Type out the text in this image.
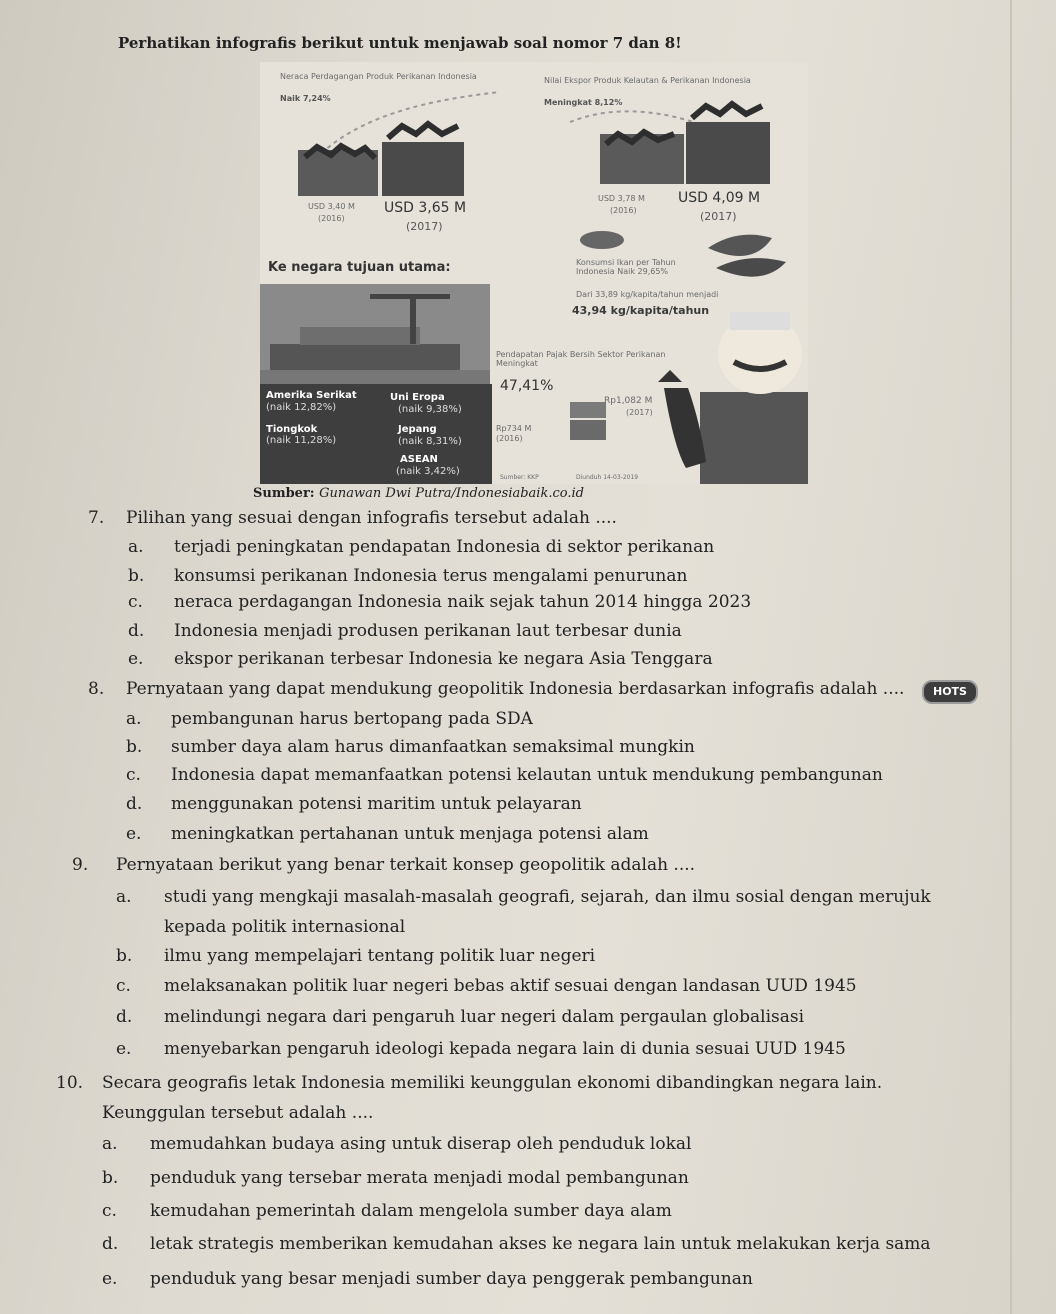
Perhatikan infografis berikut untuk menjawab soal nomor 7 dan 8!
Neraca Perdagangan Produk Perikanan Indonesia
Naik 7,24%
Nilai Ekspor Produk Kelautan & Perikanan Indonesia
Meningkat 8,12%
USD 3,40 M
(2016)
USD 3,65 M
(2017)
USD 3,78 M
(2016)
USD 4,09 M
(2017)
Ke negara tujuan utama:
Amerika Serikat
(naik 12,82%)
Uni Eropa
(naik 9,38%)
Tiongkok
(naik 11,28%)
Jepang
(naik 8,31%)
ASEAN
(naik 3,42%)
Konsumsi Ikan per Tahun Indonesia Naik 29,65%
Dari 33,89 kg/kapita/tahun menjadi
43,94 kg/kapita/tahun
Pendapatan Pajak Bersih Sektor Perikanan Meningkat
47,41%
Rp1,082 M
(2017)
Rp734 M
(2016)
Sumber: KKP	Diunduh 14-03-2019
Sumber: Gunawan Dwi Putra/Indonesiabaik.co.id
7. Pilihan yang sesuai dengan infografis tersebut adalah ....
a. terjadi peningkatan pendapatan Indonesia di sektor perikanan
b. konsumsi perikanan Indonesia terus mengalami penurunan
c. neraca perdagangan Indonesia naik sejak tahun 2014 hingga 2023
d. Indonesia menjadi produsen perikanan laut terbesar dunia
e. ekspor perikanan terbesar Indonesia ke negara Asia Tenggara
8. Pernyataan yang dapat mendukung geopolitik Indonesia berdasarkan infografis adalah ....	HOTS
a. pembangunan harus bertopang pada SDA
b. sumber daya alam harus dimanfaatkan semaksimal mungkin
c. Indonesia dapat memanfaatkan potensi kelautan untuk mendukung pembangunan
d. menggunakan potensi maritim untuk pelayaran
e. meningkatkan pertahanan untuk menjaga potensi alam
9. Pernyataan berikut yang benar terkait konsep geopolitik adalah ....
a. studi yang mengkaji masalah-masalah geografi, sejarah, dan ilmu sosial dengan merujuk
kepada politik internasional
b. ilmu yang mempelajari tentang politik luar negeri
c. melaksanakan politik luar negeri bebas aktif sesuai dengan landasan UUD 1945
d. melindungi negara dari pengaruh luar negeri dalam pergaulan globalisasi
e. menyebarkan pengaruh ideologi kepada negara lain di dunia sesuai UUD 1945
10. Secara geografis letak Indonesia memiliki keunggulan ekonomi dibandingkan negara lain.
Keunggulan tersebut adalah ....
a. memudahkan budaya asing untuk diserap oleh penduduk lokal
b. penduduk yang tersebar merata menjadi modal pembangunan
c. kemudahan pemerintah dalam mengelola sumber daya alam
d. letak strategis memberikan kemudahan akses ke negara lain untuk melakukan kerja sama
e. penduduk yang besar menjadi sumber daya penggerak pembangunan
